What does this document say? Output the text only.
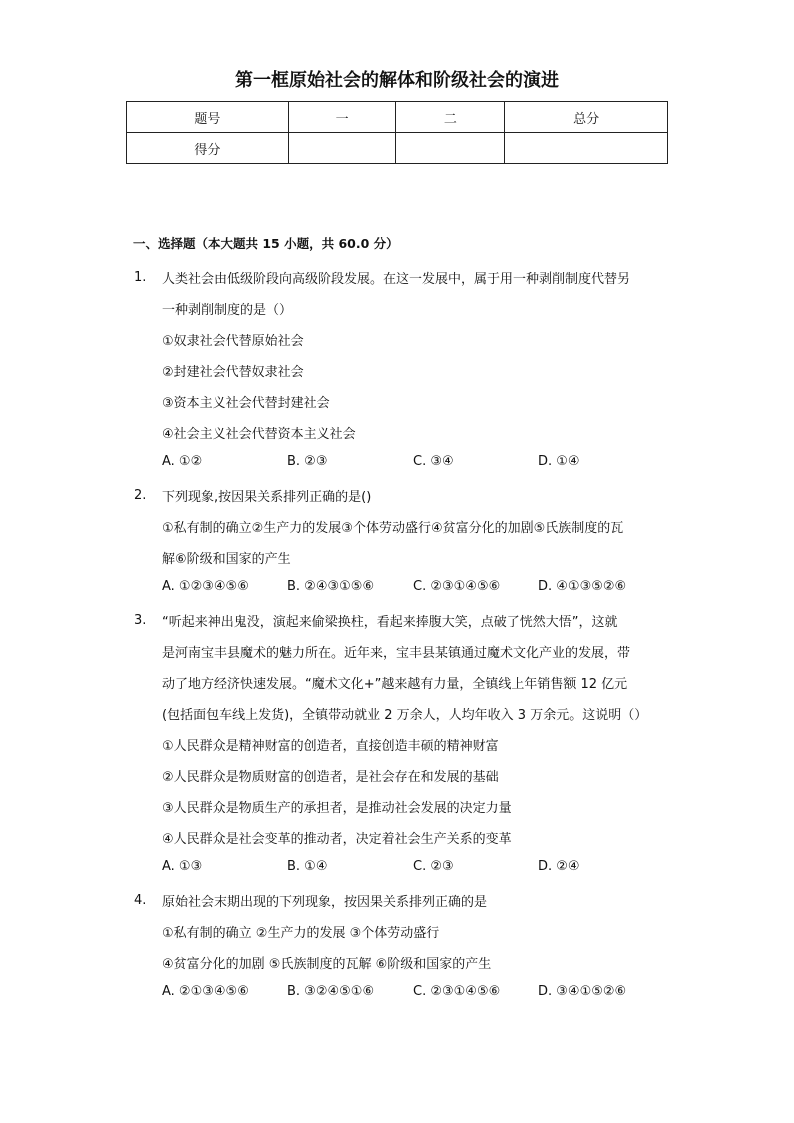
第一框原始社会的解体和阶级社会的演进
题号	一	二	总分
得分			
一、选择题（本大题共 15 小题，共 60.0 分）
1. 人类社会由低级阶段向高级阶段发展。在这一发展中，属于用一种剥削制度代替另
一种剥削制度的是（）
①奴隶社会代替原始社会
②封建社会代替奴隶社会
③资本主义社会代替封建社会
④社会主义社会代替资本主义社会
A. ①②	B. ②③	C. ③④	D. ①④
2. 下列现象,按因果关系排列正确的是()
①私有制的确立②生产力的发展③个体劳动盛行④贫富分化的加剧⑤氏族制度的瓦
解⑥阶级和国家的产生
A. ①②③④⑤⑥	B. ②④③①⑤⑥	C. ②③①④⑤⑥	D. ④①③⑤②⑥
3. “听起来神出鬼没，演起来偷梁换柱，看起来捧腹大笑，点破了恍然大悟”，这就
是河南宝丰县魔术的魅力所在。近年来，宝丰县某镇通过魔术文化产业的发展，带
动了地方经济快速发展。“魔术文化+”越来越有力量，全镇线上年销售额 12 亿元
(包括面包车线上发货)，全镇带动就业 2 万余人，人均年收入 3 万余元。这说明（）
①人民群众是精神财富的创造者，直接创造丰硕的精神财富
②人民群众是物质财富的创造者，是社会存在和发展的基础
③人民群众是物质生产的承担者，是推动社会发展的决定力量
④人民群众是社会变革的推动者，决定着社会生产关系的变革
A. ①③	B. ①④	C. ②③	D. ②④
4. 原始社会末期出现的下列现象，按因果关系排列正确的是
①私有制的确立 ②生产力的发展 ③个体劳动盛行
④贫富分化的加剧 ⑤氏族制度的瓦解 ⑥阶级和国家的产生
A. ②①③④⑤⑥	B. ③②④⑤①⑥	C. ②③①④⑤⑥	D. ③④①⑤②⑥
